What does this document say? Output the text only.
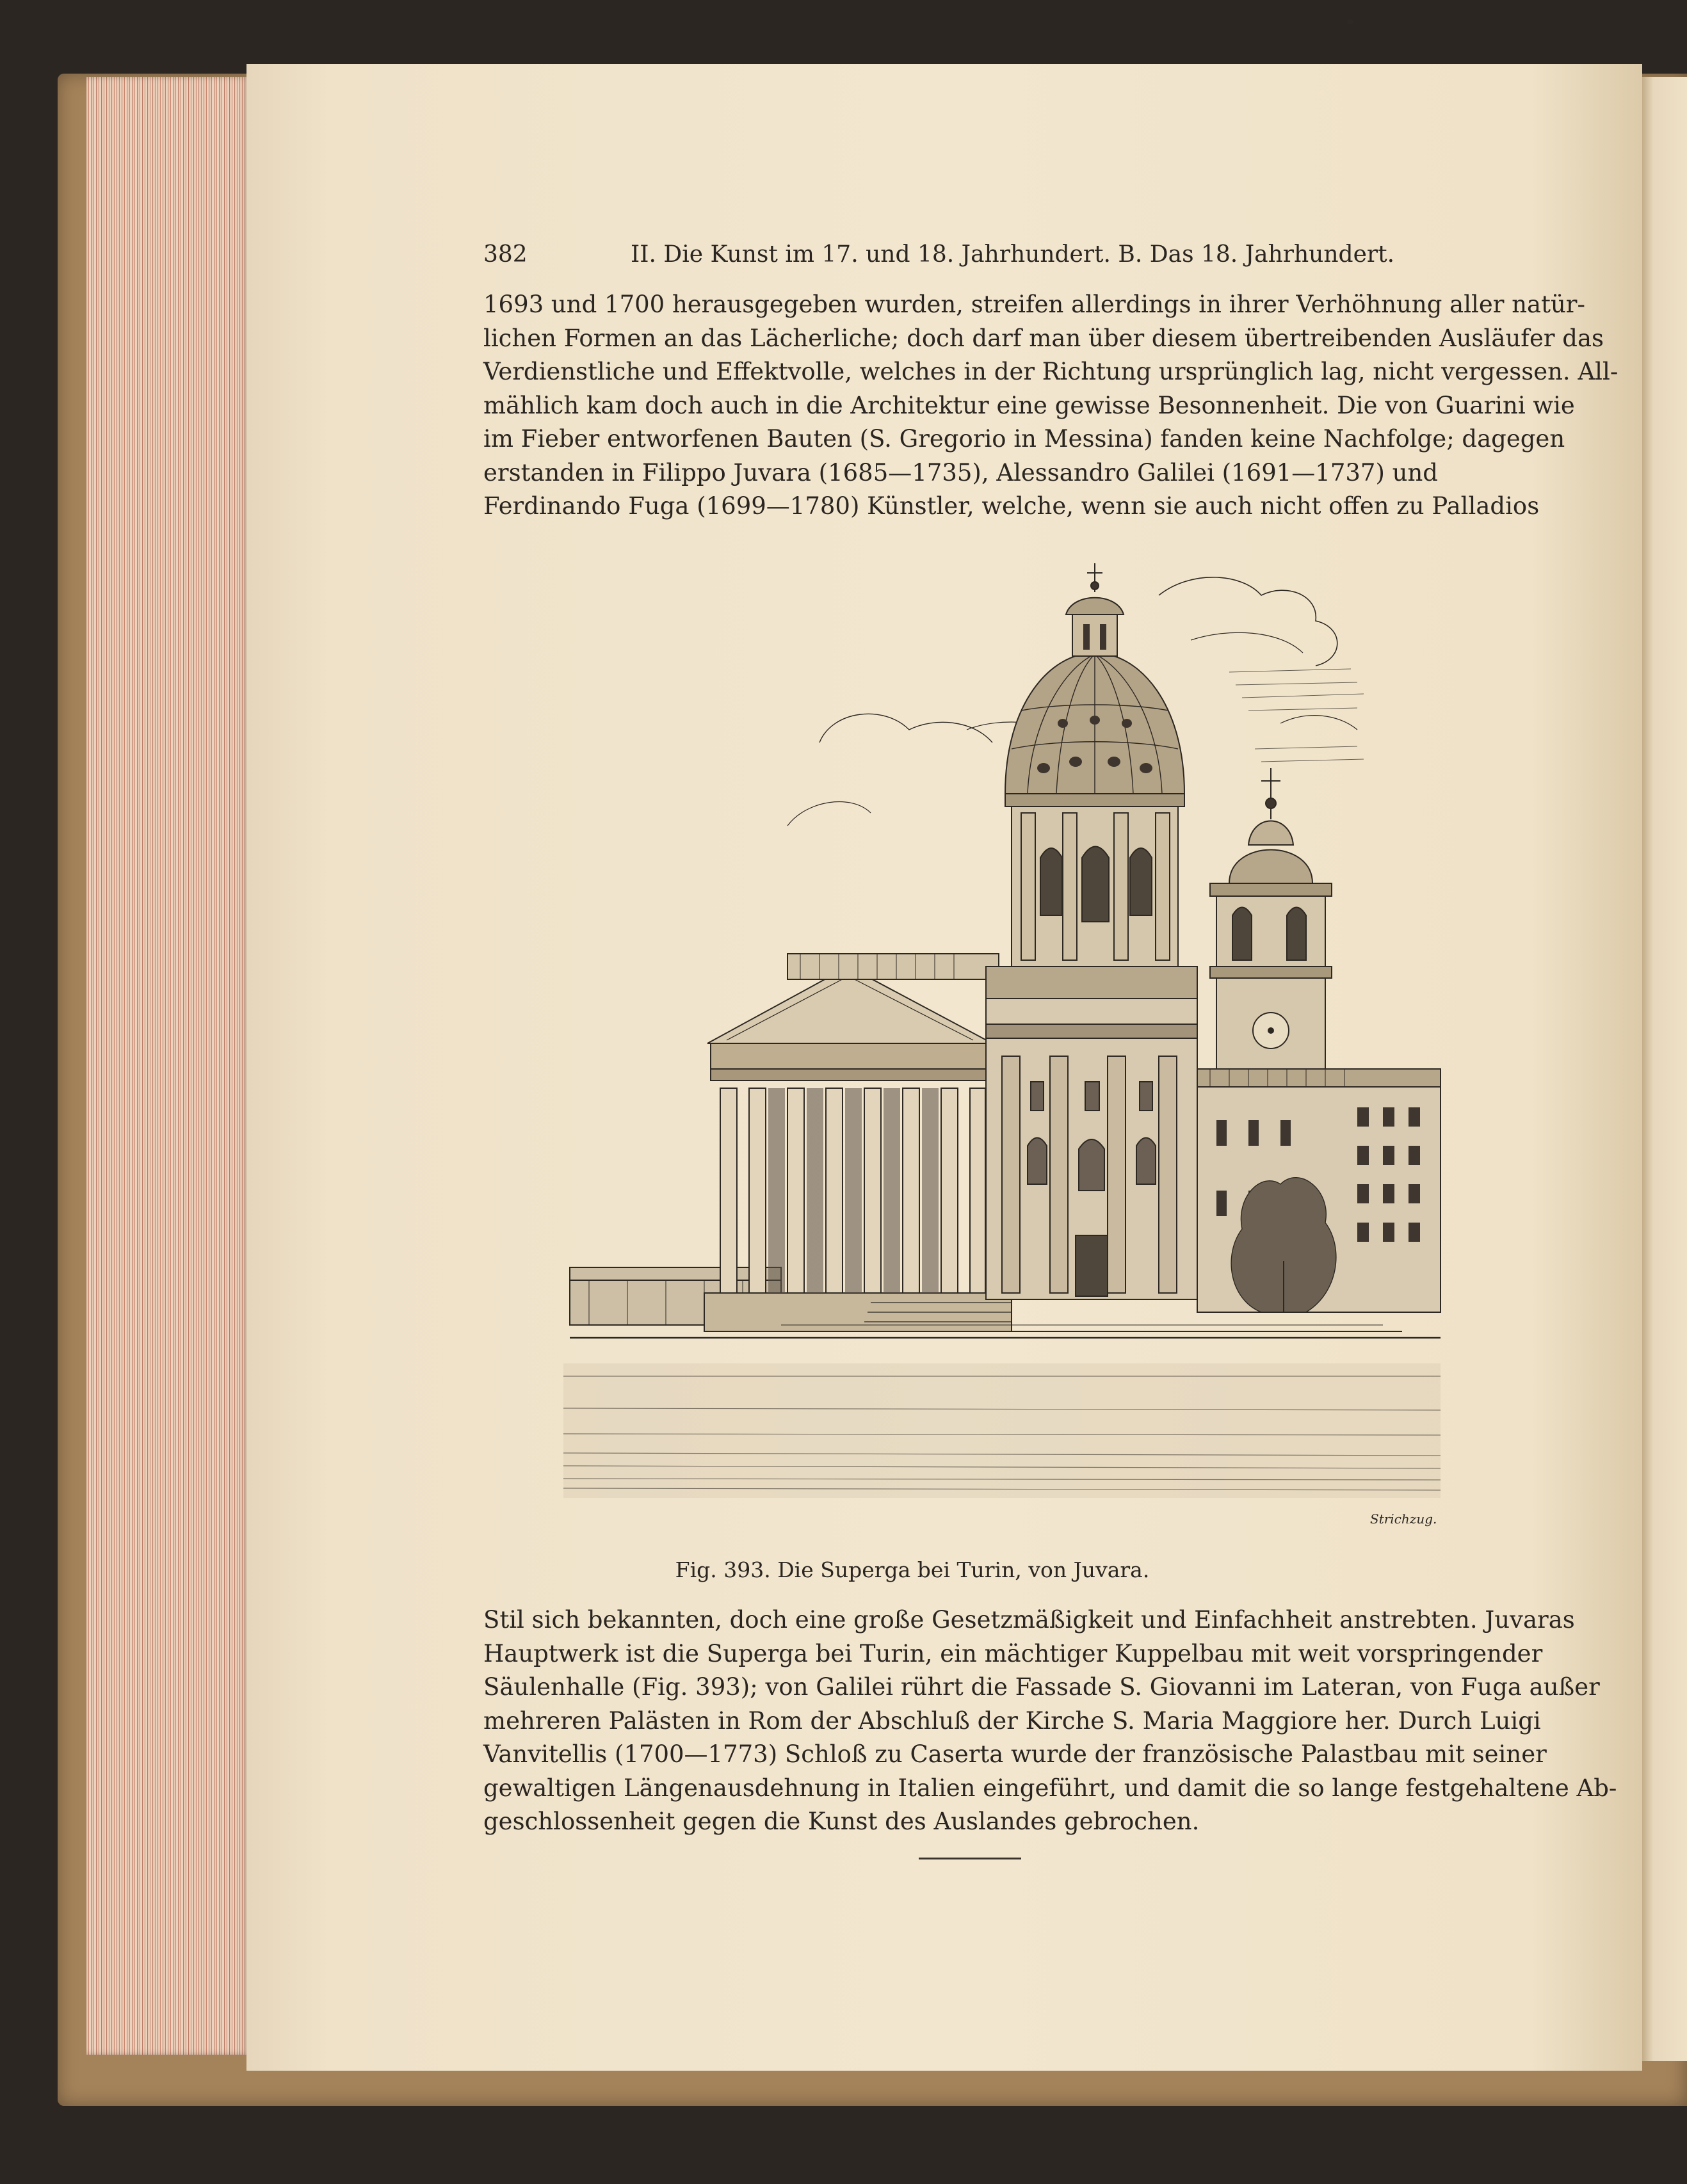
382	II. Die Kunst im 17. und 18. Jahrhundert. B. Das 18. Jahrhundert.
1693 und 1700 herausgegeben wurden, streifen allerdings in ihrer Verhöhnung aller natür-
lichen Formen an das Lächerliche; doch darf man über diesem übertreibenden Ausläufer das
Verdienstliche und Effektvolle, welches in der Richtung ursprünglich lag, nicht vergessen. All-
mählich kam doch auch in die Architektur eine gewisse Besonnenheit. Die von Guarini wie
im Fieber entworfenen Bauten (S. Gregorio in Messina) fanden keine Nachfolge; dagegen
erstanden in Filippo Juvara (1685—1735), Alessandro Galilei (1691—1737) und
Ferdinando Fuga (1699—1780) Künstler, welche, wenn sie auch nicht offen zu Palladios
Strichzug.
Fig. 393. Die Superga bei Turin, von Juvara.
Stil sich bekannten, doch eine große Gesetzmäßigkeit und Einfachheit anstrebten. Juvaras
Hauptwerk ist die Superga bei Turin, ein mächtiger Kuppelbau mit weit vorspringender
Säulenhalle (Fig. 393); von Galilei rührt die Fassade S. Giovanni im Lateran, von Fuga außer
mehreren Palästen in Rom der Abschluß der Kirche S. Maria Maggiore her. Durch Luigi
Vanvitellis (1700—1773) Schloß zu Caserta wurde der französische Palastbau mit seiner
gewaltigen Längenausdehnung in Italien eingeführt, und damit die so lange festgehaltene Ab-
geschlossenheit gegen die Kunst des Auslandes gebrochen.
